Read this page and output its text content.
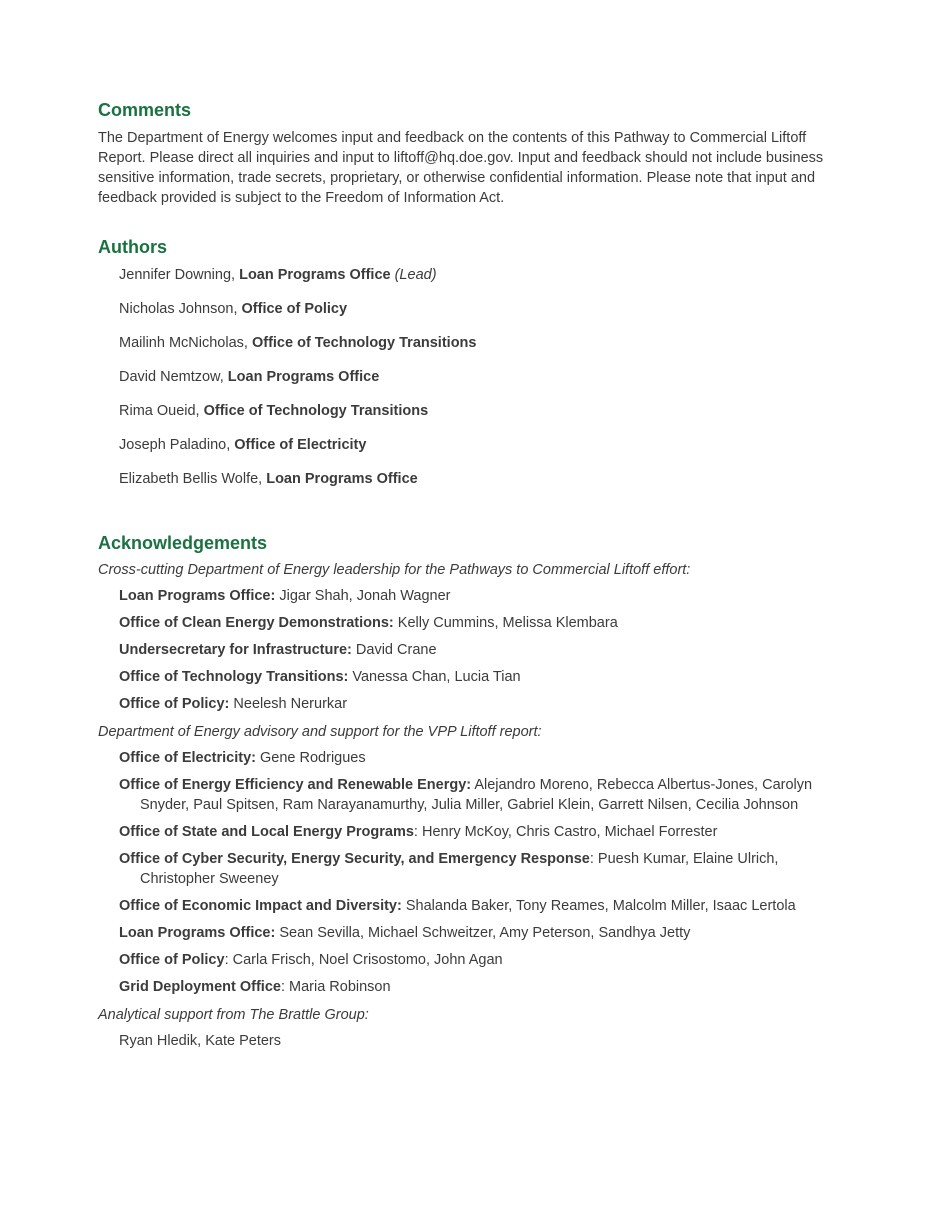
Comments

The Department of Energy welcomes input and feedback on the contents of this Pathway to Commercial Liftoff Report. Please direct all inquiries and input to liftoff@hq.doe.gov. Input and feedback should not include business sensitive information, trade secrets, proprietary, or otherwise confidential information. Please note that input and feedback provided is subject to the Freedom of Information Act.

Authors
Jennifer Downing, Loan Programs Office (Lead)
Nicholas Johnson, Office of Policy
Mailinh McNicholas, Office of Technology Transitions
David Nemtzow, Loan Programs Office
Rima Oueid, Office of Technology Transitions
Joseph Paladino, Office of Electricity
Elizabeth Bellis Wolfe, Loan Programs Office
Acknowledgements

Cross-cutting Department of Energy leadership for the Pathways to Commercial Liftoff effort:

Loan Programs Office: Jigar Shah, Jonah Wagner
Office of Clean Energy Demonstrations: Kelly Cummins, Melissa Klembara
Undersecretary for Infrastructure: David Crane
Office of Technology Transitions: Vanessa Chan, Lucia Tian
Office of Policy: Neelesh Nerurkar

Department of Energy advisory and support for the VPP Liftoff report:

Office of Electricity: Gene Rodrigues
Office of Energy Efficiency and Renewable Energy: Alejandro Moreno, Rebecca Albertus-Jones, Carolyn Snyder, Paul Spitsen, Ram Narayanamurthy, Julia Miller, Gabriel Klein, Garrett Nilsen, Cecilia Johnson
Office of State and Local Energy Programs: Henry McKoy, Chris Castro, Michael Forrester
Office of Cyber Security, Energy Security, and Emergency Response: Puesh Kumar, Elaine Ulrich, Christopher Sweeney
Office of Economic Impact and Diversity: Shalanda Baker, Tony Reames, Malcolm Miller, Isaac Lertola
Loan Programs Office: Sean Sevilla, Michael Schweitzer, Amy Peterson, Sandhya Jetty
Office of Policy: Carla Frisch, Noel Crisostomo, John Agan
Grid Deployment Office: Maria Robinson

Analytical support from The Brattle Group:

Ryan Hledik, Kate Peters
